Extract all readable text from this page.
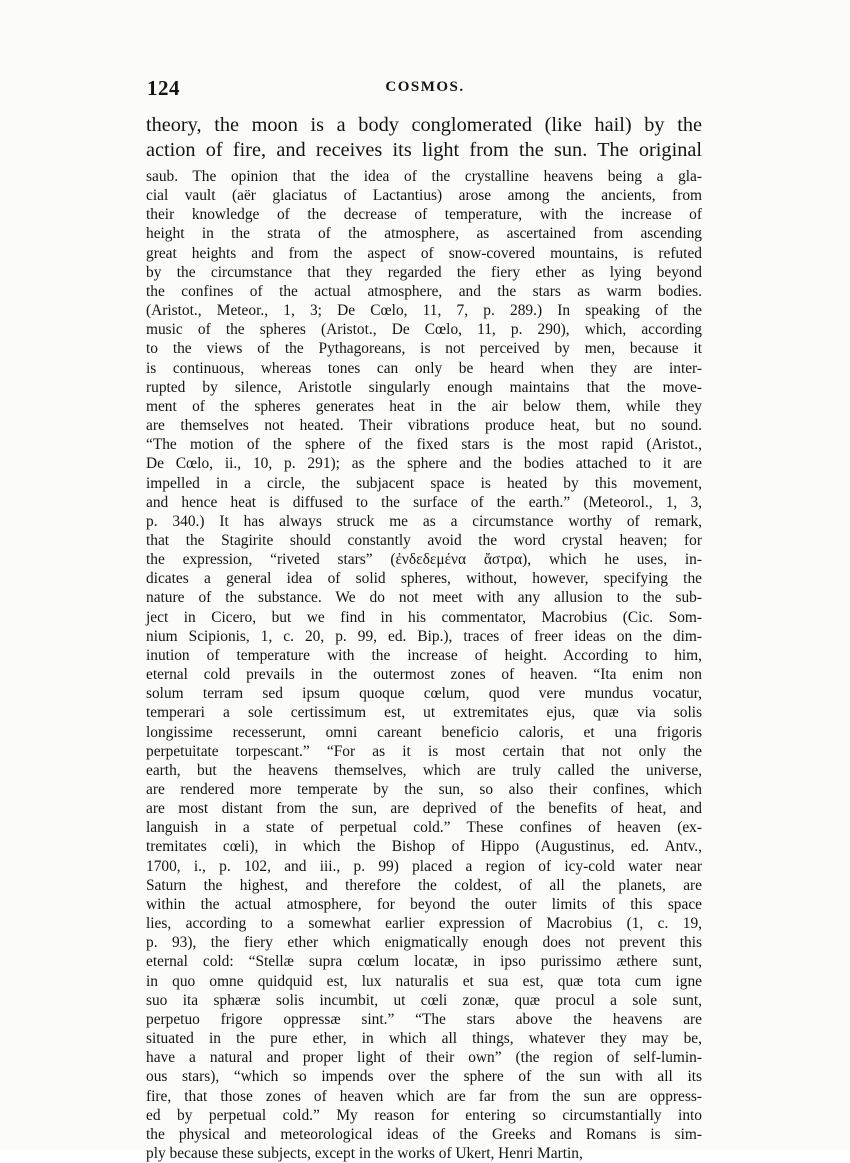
124	COSMOS.
theory, the moon is a body conglomerated (like hail) by the
action of fire, and receives its light from the sun. The original
saub. The opinion that the idea of the crystalline heavens being a gla-
cial vault (aër glaciatus of Lactantius) arose among the ancients, from
their knowledge of the decrease of temperature, with the increase of
height in the strata of the atmosphere, as ascertained from ascending
great heights and from the aspect of snow-covered mountains, is refuted
by the circumstance that they regarded the fiery ether as lying beyond
the confines of the actual atmosphere, and the stars as warm bodies.
(Aristot., Meteor., 1, 3; De Cœlo, 11, 7, p. 289.) In speaking of the
music of the spheres (Aristot., De Cœlo, 11, p. 290), which, according
to the views of the Pythagoreans, is not perceived by men, because it
is continuous, whereas tones can only be heard when they are inter-
rupted by silence, Aristotle singularly enough maintains that the move-
ment of the spheres generates heat in the air below them, while they
are themselves not heated. Their vibrations produce heat, but no sound.
“The motion of the sphere of the fixed stars is the most rapid (Aristot.,
De Cœlo, ii., 10, p. 291); as the sphere and the bodies attached to it are
impelled in a circle, the subjacent space is heated by this movement,
and hence heat is diffused to the surface of the earth.” (Meteorol., 1, 3,
p. 340.) It has always struck me as a circumstance worthy of remark,
that the Stagirite should constantly avoid the word crystal heaven; for
the expression, “riveted stars” (ἐνδεδεμένα ἄστρα), which he uses, in-
dicates a general idea of solid spheres, without, however, specifying the
nature of the substance. We do not meet with any allusion to the sub-
ject in Cicero, but we find in his commentator, Macrobius (Cic. Som-
nium Scipionis, 1, c. 20, p. 99, ed. Bip.), traces of freer ideas on the dim-
inution of temperature with the increase of height. According to him,
eternal cold prevails in the outermost zones of heaven. “Ita enim non
solum terram sed ipsum quoque cœlum, quod vere mundus vocatur,
temperari a sole certissimum est, ut extremitates ejus, quæ via solis
longissime recesserunt, omni careant beneficio caloris, et una frigoris
perpetuitate torpescant.” “For as it is most certain that not only the
earth, but the heavens themselves, which are truly called the universe,
are rendered more temperate by the sun, so also their confines, which
are most distant from the sun, are deprived of the benefits of heat, and
languish in a state of perpetual cold.” These confines of heaven (ex-
tremitates cœli), in which the Bishop of Hippo (Augustinus, ed. Antv.,
1700, i., p. 102, and iii., p. 99) placed a region of icy-cold water near
Saturn the highest, and therefore the coldest, of all the planets, are
within the actual atmosphere, for beyond the outer limits of this space
lies, according to a somewhat earlier expression of Macrobius (1, c. 19,
p. 93), the fiery ether which enigmatically enough does not prevent this
eternal cold: “Stellæ supra cœlum locatæ, in ipso purissimo æthere sunt,
in quo omne quidquid est, lux naturalis et sua est, quæ tota cum igne
suo ita sphæræ solis incumbit, ut cœli zonæ, quæ procul a sole sunt,
perpetuo frigore oppressæ sint.” “The stars above the heavens are
situated in the pure ether, in which all things, whatever they may be,
have a natural and proper light of their own” (the region of self-lumin-
ous stars), “which so impends over the sphere of the sun with all its
fire, that those zones of heaven which are far from the sun are oppress-
ed by perpetual cold.” My reason for entering so circumstantially into
the physical and meteorological ideas of the Greeks and Romans is sim-
ply because these subjects, except in the works of Ukert, Henri Martin,
